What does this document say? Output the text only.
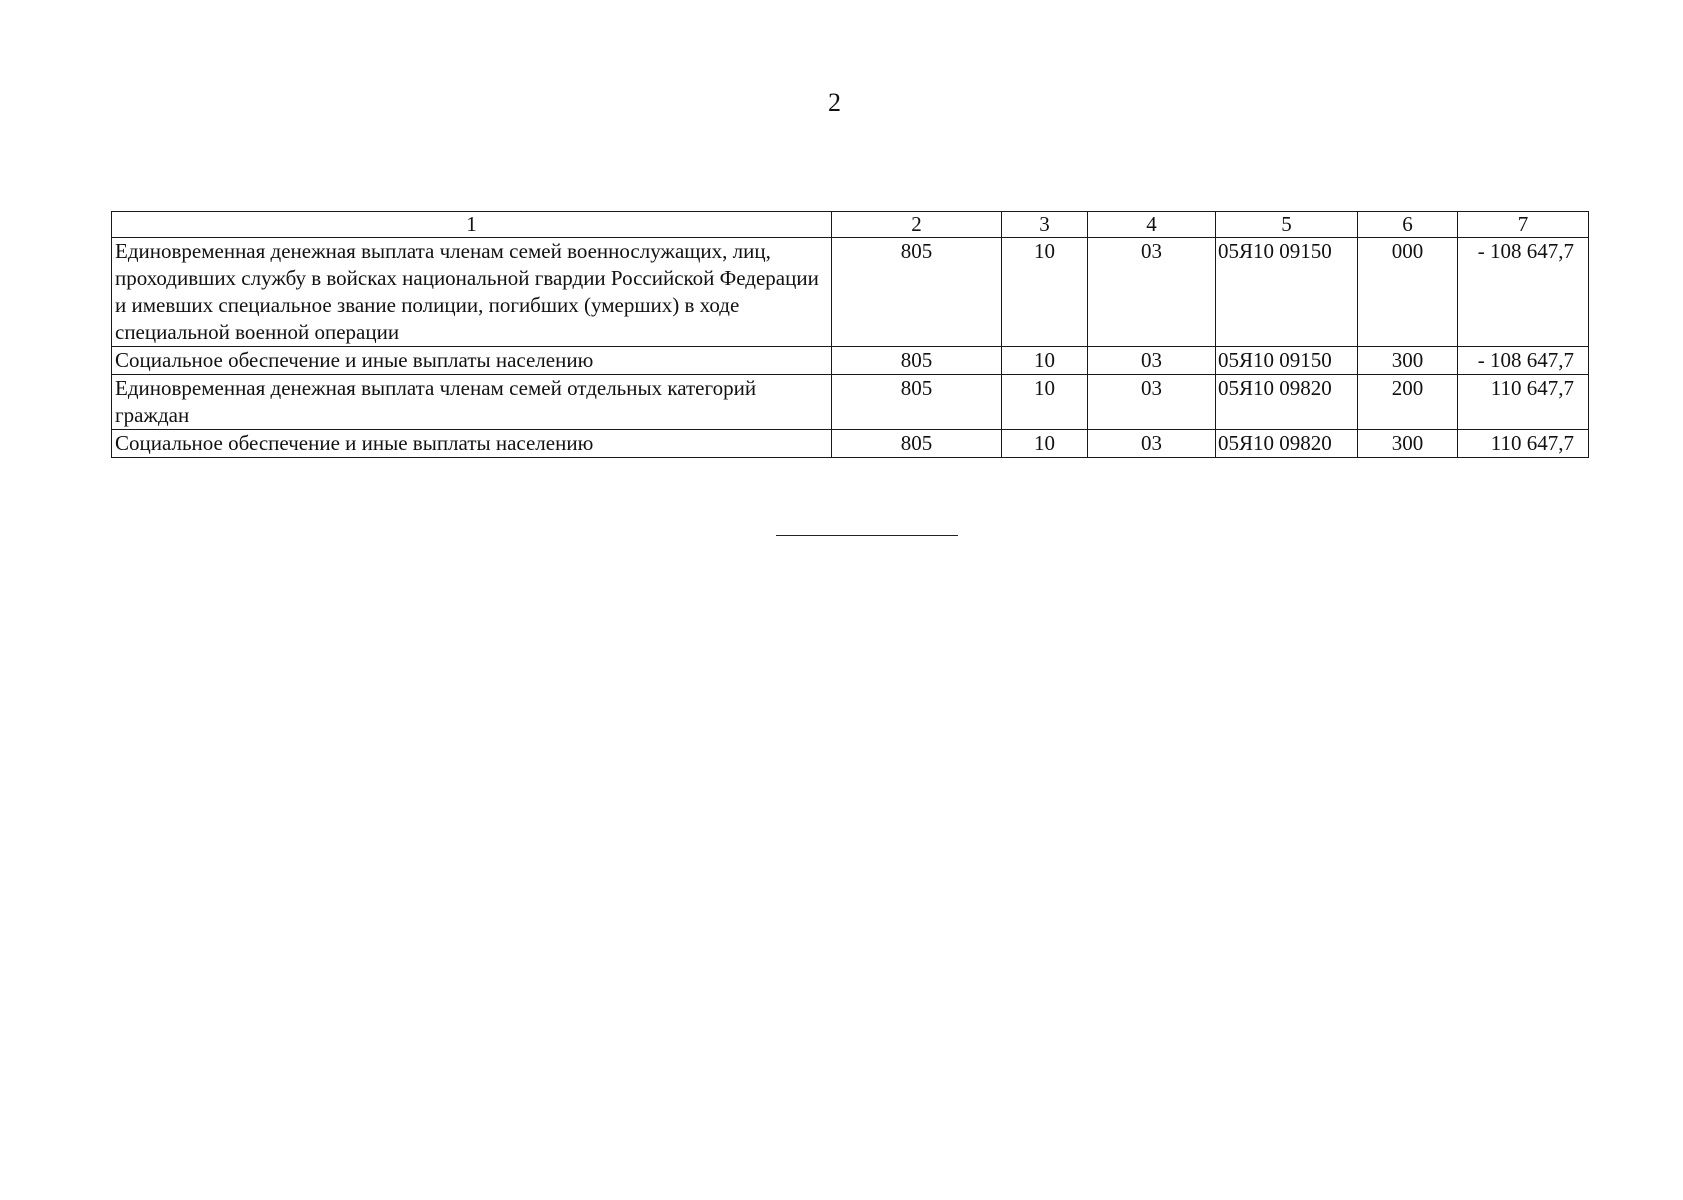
2
1	2	3	4	5	6	7
Единовременная денежная выплата членам семей военнослужащих, лиц, проходивших службу в войсках национальной гвардии Российской Федерации и имевших специальное звание полиции, погибших (умерших) в ходе специальной военной операции	805	10	03	05Я10 09150	000	- 108 647,7
Социальное обеспечение и иные выплаты населению	805	10	03	05Я10 09150	300	- 108 647,7
Единовременная денежная выплата членам семей отдельных категорий граждан	805	10	03	05Я10 09820	200	110 647,7
Социальное обеспечение и иные выплаты населению	805	10	03	05Я10 09820	300	110 647,7
